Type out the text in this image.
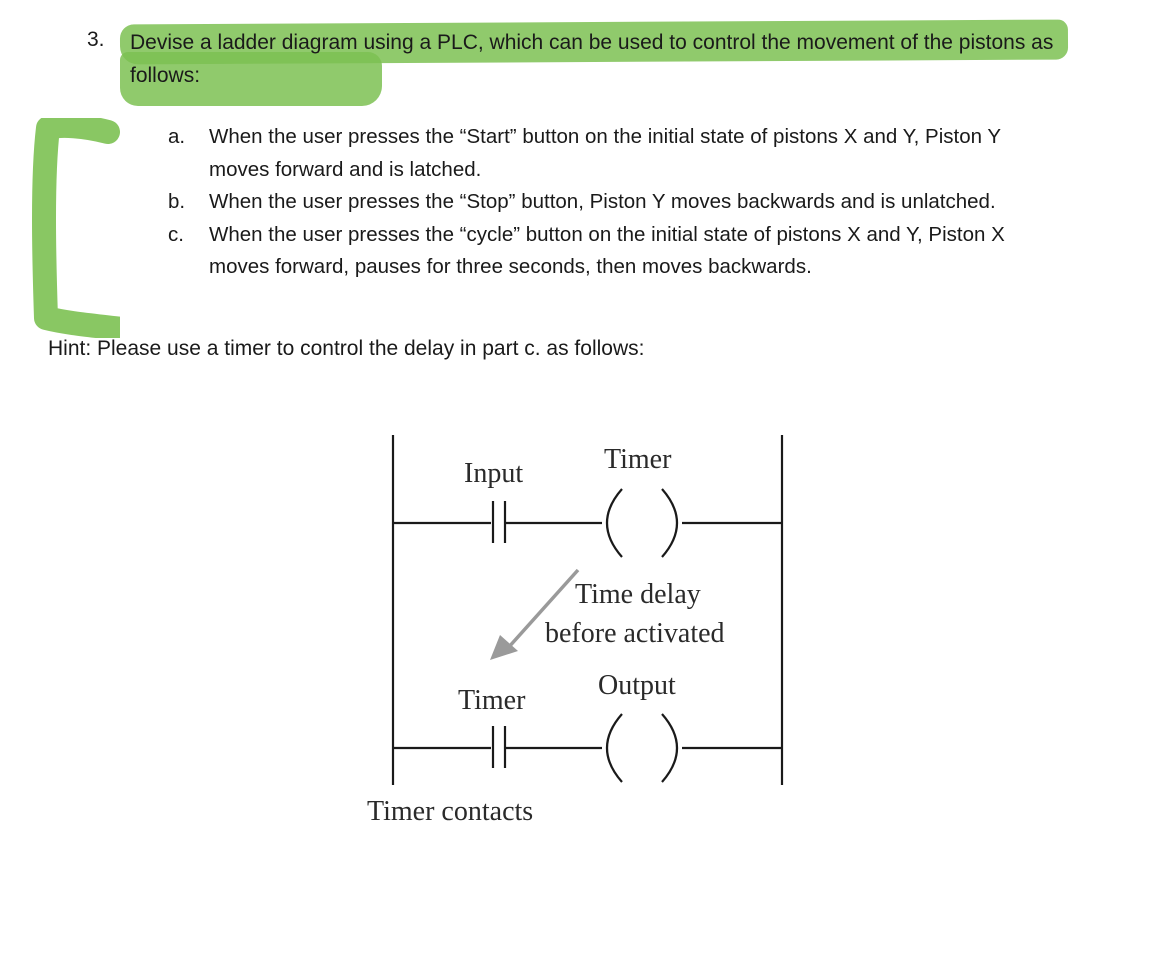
3. Devise a ladder diagram using a PLC, which can be used to control the movement of the pistons as follows:
a.	When the user presses the “Start” button on the initial state of pistons X and Y, Piston Y moves forward and is latched.
b.	When the user presses the “Stop” button, Piston Y moves backwards and is unlatched.
c.	When the user presses the “cycle” button on the initial state of pistons X and Y, Piston X moves forward, pauses for three seconds, then moves backwards.
Hint: Please use a timer to control the delay in part c. as follows:
Input	Timer
Time delay
before activated
Output
Timer
Timer contacts
